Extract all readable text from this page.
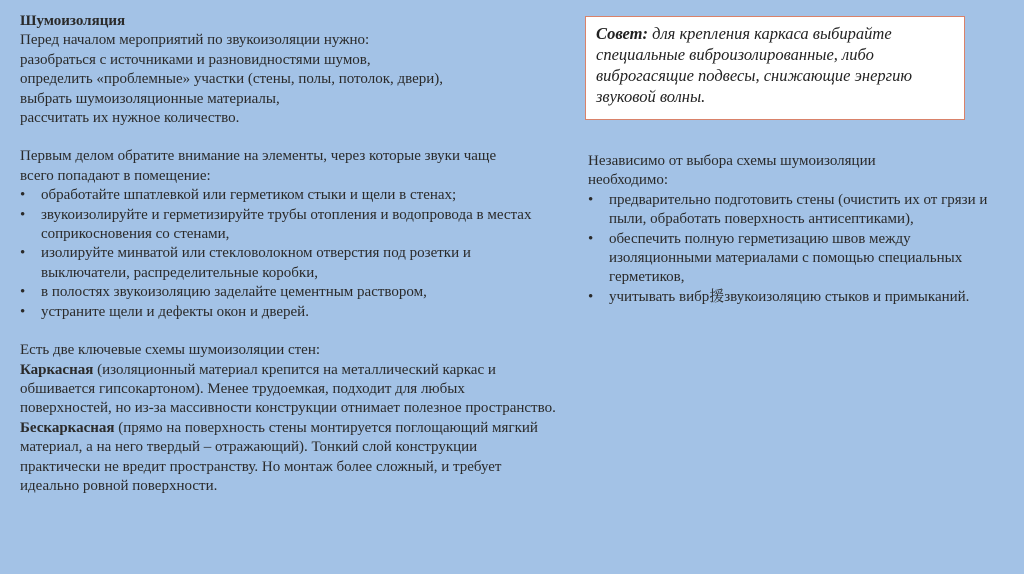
Шумоизоляция

Перед началом мероприятий по звукоизоляции нужно:

разобраться с источниками и разновидностями шумов,

определить «проблемные» участки (стены, полы, потолок, двери),

выбрать шумоизоляционные материалы,

рассчитать их нужное количество.

Первым делом обратите внимание на элементы, через которые звуки чаще всего попадают в помещение:

• обработайте шпатлевкой или герметиком стыки и щели в стенах;
• звукоизолируйте и герметизируйте трубы отопления и водопровода в местах соприкосновения со стенами,
• изолируйте минватой или стекловолокном отверстия под розетки и выключатели, распределительные коробки,
• в полостях звукоизоляцию заделайте цементным раствором,
• устраните щели и дефекты окон и дверей.

Есть две ключевые схемы шумоизоляции стен:

Каркасная (изоляционный материал крепится на металлический каркас и обшивается гипсокартоном). Менее трудоемкая, подходит для любых поверхностей, но из-за массивности конструкции отнимает полезное пространство.

Бескаркасная (прямо на поверхность стены монтируется поглощающий мягкий материал, а на него твердый – отражающий). Тонкий слой конструкции практически не вредит пространству. Но монтаж более сложный, и требует идеально ровной поверхности.

Совет: для крепления каркаса выбирайте специальные виброизолированные, либо виброгасящие подвесы, снижающие энергию звуковой волны.

Независимо от выбора схемы шумоизоляции необходимо:

• предварительно подготовить стены (очистить их от грязи и пыли, обработать поверхность антисептиками),
• обеспечить полную герметизацию швов между изоляционными материалами с помощью специальных герметиков,
• учитывать вибр援звукоизоляцию стыков и примыканий.
